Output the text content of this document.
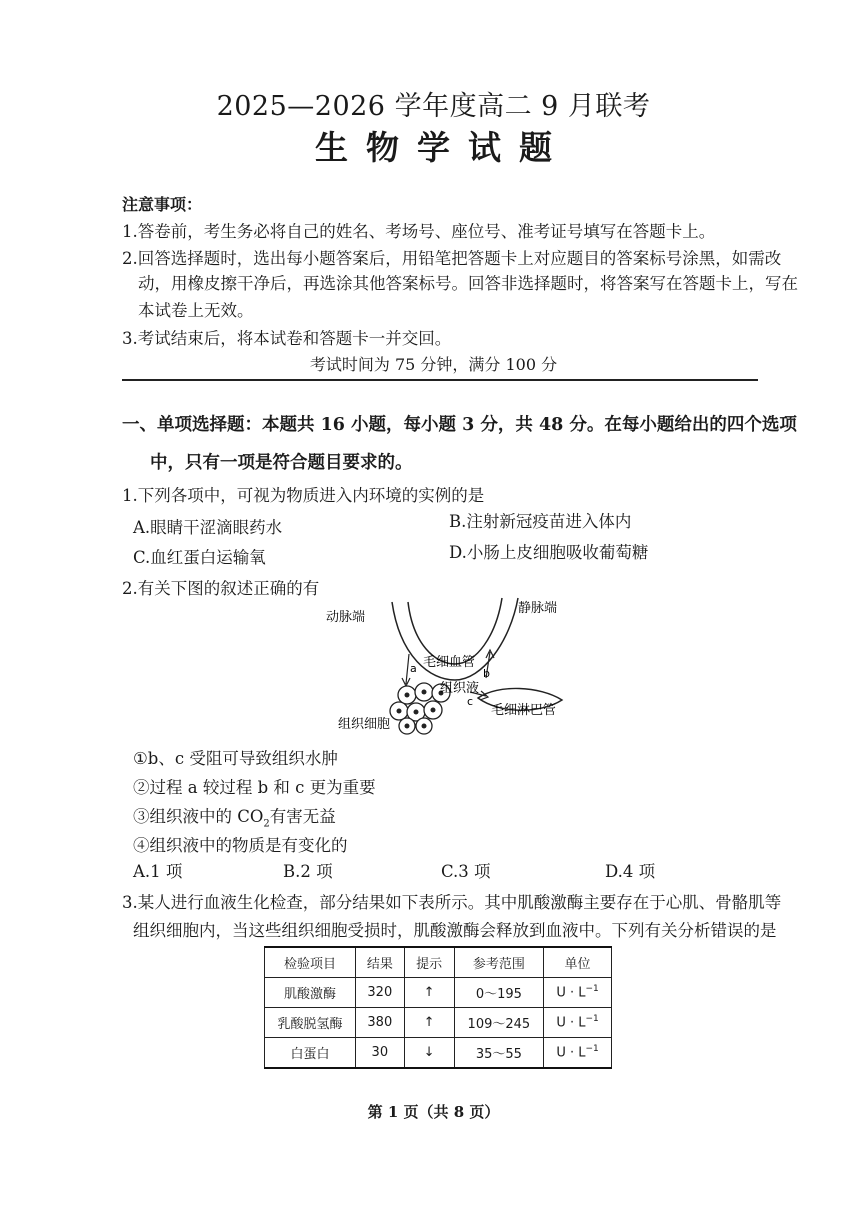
2025—2026 学年度高二 9 月联考
生物学试题
注意事项：
1.答卷前，考生务必将自己的姓名、考场号、座位号、准考证号填写在答题卡上。
2.回答选择题时，选出每小题答案后，用铅笔把答题卡上对应题目的答案标号涂黑，如需改
动，用橡皮擦干净后，再选涂其他答案标号。回答非选择题时，将答案写在答题卡上，写在
本试卷上无效。
3.考试结束后，将本试卷和答题卡一并交回。
考试时间为 75 分钟，满分 100 分
一、单项选择题：本题共 16 小题，每小题 3 分，共 48 分。在每小题给出的四个选项
中，只有一项是符合题目要求的。
1.下列各项中，可视为物质进入内环境的实例的是
A.眼睛干涩滴眼药水	B.注射新冠疫苗进入体内
C.血红蛋白运输氧	D.小肠上皮细胞吸收葡萄糖
2.有关下图的叙述正确的有
动脉端
静脉端
毛细血管
组织液
组织细胞
毛细淋巴管
a	b
c
①b、c 受阻可导致组织水肿
②过程 a 较过程 b 和 c 更为重要
③组织液中的 $CO_2$有害无益
④组织液中的物质是有变化的
A.1 项	B.2 项	C.3 项	D.4 项
3.某人进行血液生化检查，部分结果如下表所示。其中肌酸激酶主要存在于心肌、骨骼肌等
组织细胞内，当这些组织细胞受损时，肌酸激酶会释放到血液中。下列有关分析错误的是
检验项目	结果	提示	参考范围	单位
肌酸激酶	320	↑	0～195	$U \cdot L^{-1}$
乳酸脱氢酶	380	↑	109～245	$U \cdot L^{-1}$
白蛋白	30	↓	35～55	$U \cdot L^{-1}$
第 1 页（共 8 页）
